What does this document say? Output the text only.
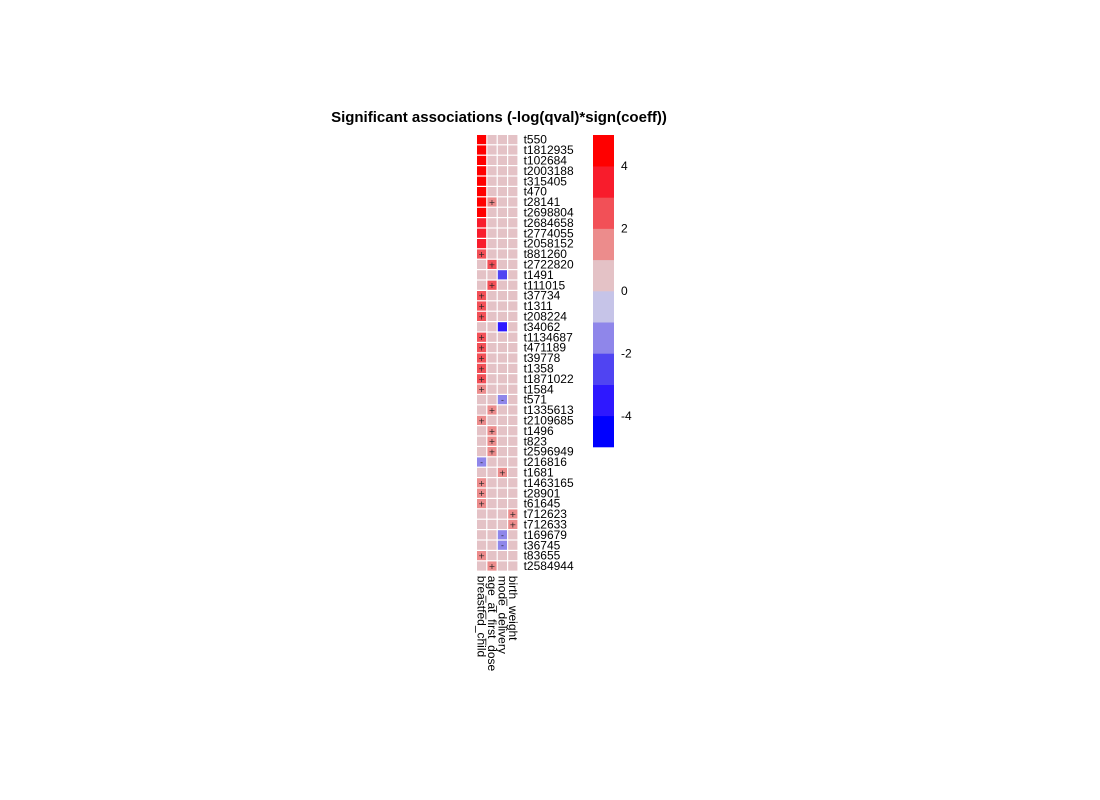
Significant associations (-log(qval)*sign(coeff))
+
+
+
+
+
+
+
+
+
+
+
+
+
-
+
+
+
+
+
-
+
+
+
+
+
+
-
-
+
+
t550
t1812935
t102684
t2003188
t315405
t470
t28141
t2698804
t2684658
t2774055
t2058152
t881260
t2722820
t1491
t111015
t37734
t1311
t208224
t34062
t1134687
t471189
t39778
t1358
t1871022
t1584
t571
t1335613
t2109685
t1496
t823
t2596949
t216816
t1681
t1463165
t28901
t61645
t712623
t712633
t169679
t36745
t83655
t2584944
breastfed_child
age_at_first_dose
mode_delivery
birth_weight
4
2
0
-2
-4
